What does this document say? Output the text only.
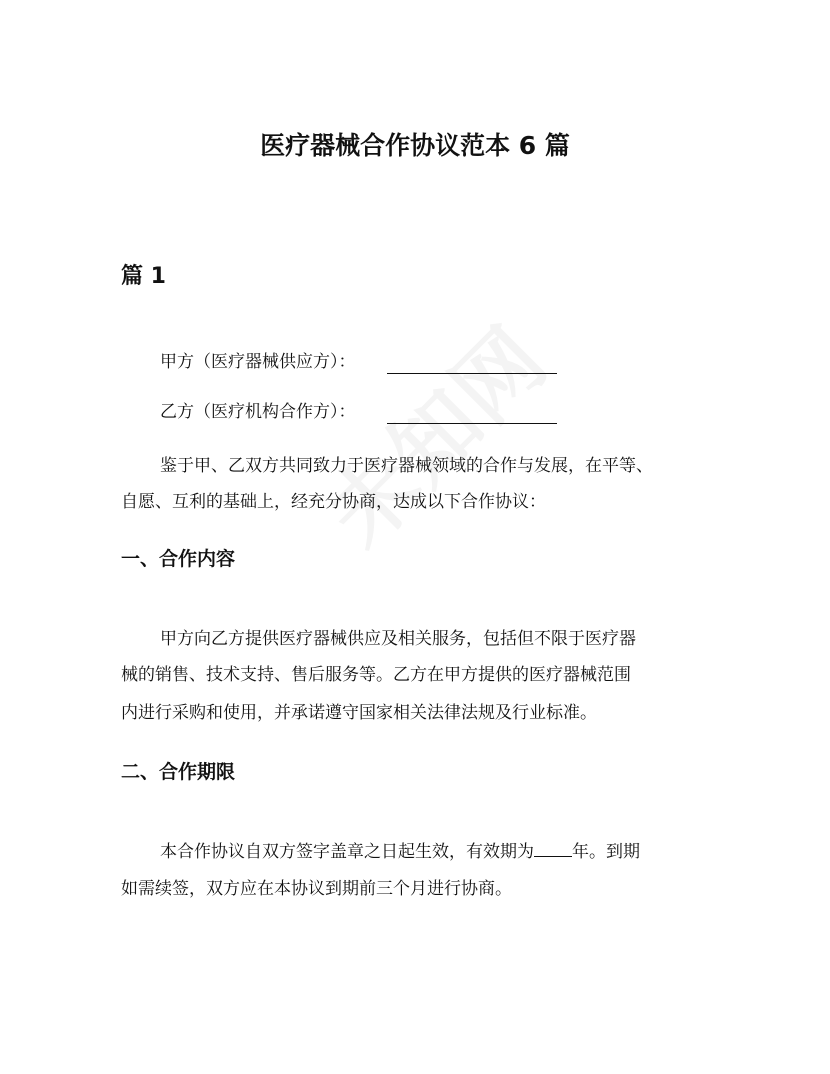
医疗器械合作协议范本 6 篇
篇 1
甲方（医疗器械供应方）：
乙方（医疗机构合作方）：
鉴于甲、乙双方共同致力于医疗器械领域的合作与发展，在平等、
自愿、互利的基础上，经充分协商，达成以下合作协议：
一、合作内容
甲方向乙方提供医疗器械供应及相关服务，包括但不限于医疗器
械的销售、技术支持、售后服务等。乙方在甲方提供的医疗器械范围
内进行采购和使用，并承诺遵守国家相关法律法规及行业标准。
二、合作期限
本合作协议自双方签字盖章之日起生效，有效期为 年。到期
如需续签，双方应在本协议到期前三个月进行协商。
